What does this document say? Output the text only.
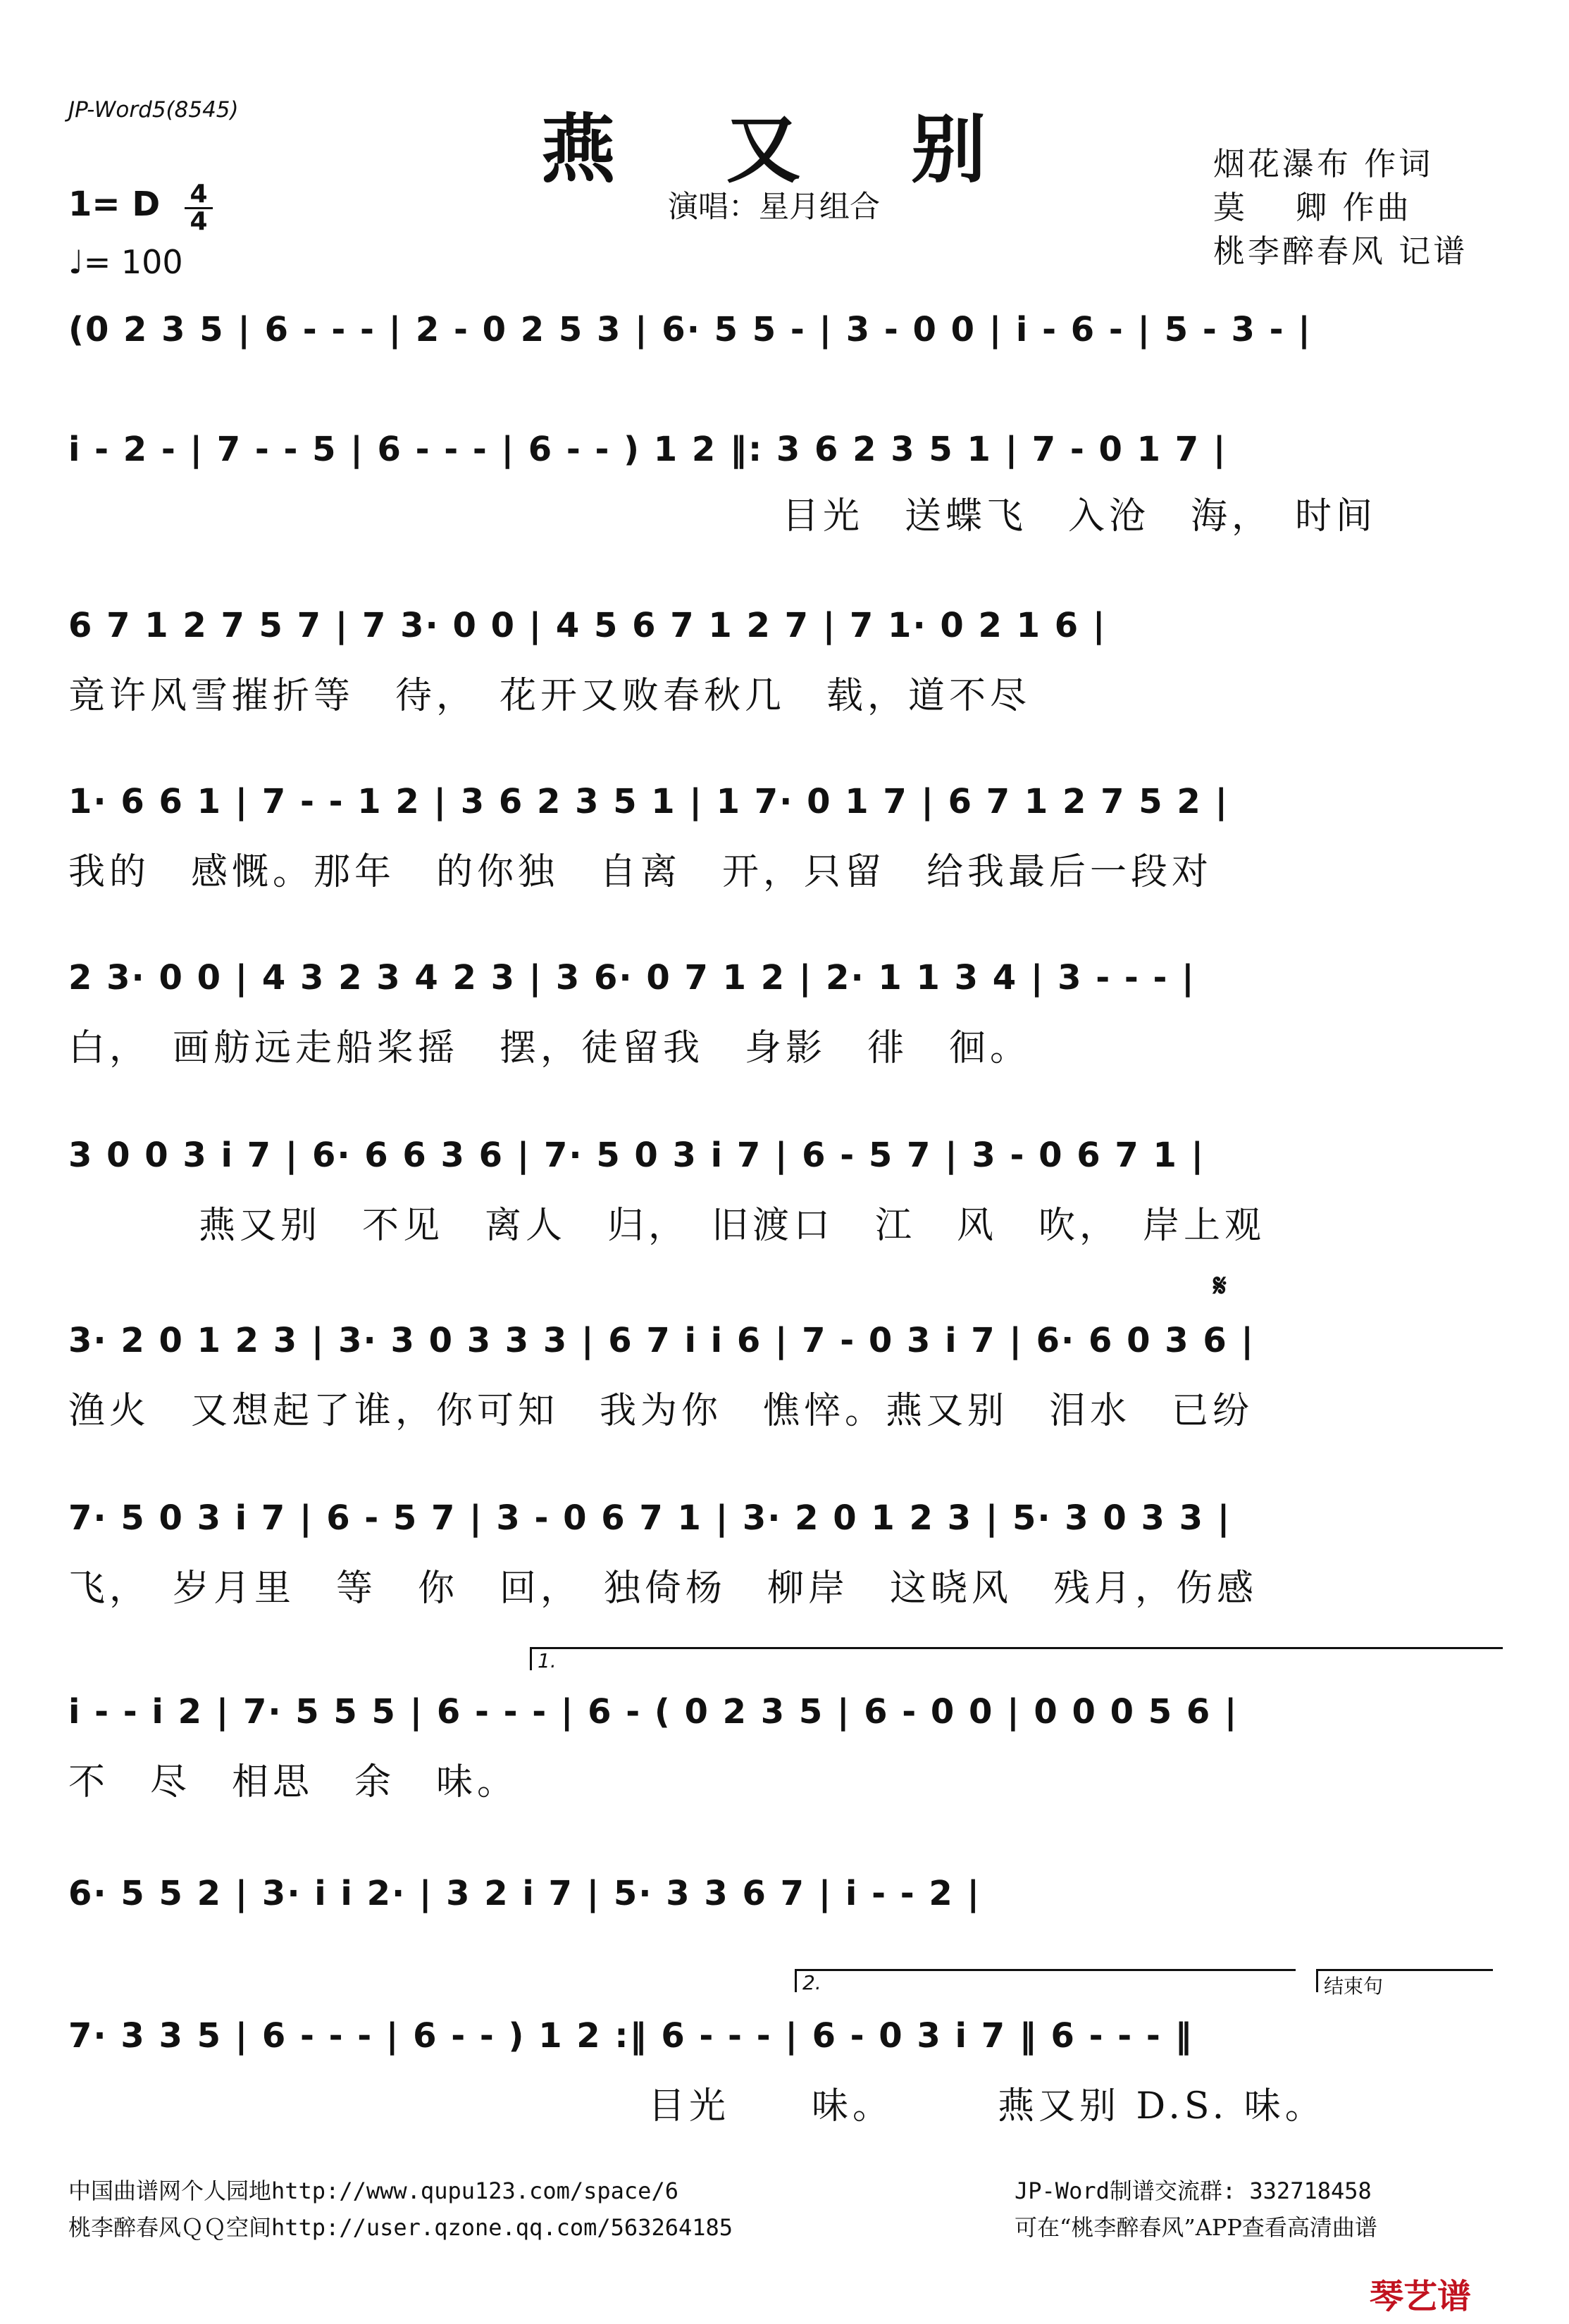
JP-Word5(8545)	燕 又 别
演唱：星月组合
1= D $\frac{4}{4}$
♩= 100
烟花瀑布 作词
莫　 卿 作曲
桃李醉春风 记谱
(0 2 3 5 | 6 - - - | 2 - 0 2 5 3 | 6· 5 5 - | 3 - 0 0 | i - 6 - | 5 - 3 - |
i - 2 - | 7 - - 5 | 6 - - - | 6 - - ) 1 2 ‖: 3 6 2 3 5 1 | 7 - 0 1 7 |
目光　送蝶飞　入沧　海，　时间
6 7 1 2 7 5 7 | 7 3· 0 0 | 4 5 6 7 1 2 7 | 7 1· 0 2 1 6 |
竟许风雪摧折等　待，　花开又败春秋几　载，道不尽
1· 6 6 1 | 7 - - 1 2 | 3 6 2 3 5 1 | 1 7· 0 1 7 | 6 7 1 2 7 5 2 |
我的　感慨。那年　的你独　自离　开，只留　给我最后一段对
2 3· 0 0 | 4 3 2 3 4 2 3 | 3 6· 0 7 1 2 | 2· 1 1 3 4 | 3 - - - |
白，　画舫远走船桨摇　摆，徒留我　身影　徘　徊。
3 0 0 3 i 7 | 6· 6 6 3 6 | 7· 5 0 3 i 7 | 6 - 5 7 | 3 - 0 6 7 1 |
燕又别　不见　离人　归，　旧渡口　江　风　吹，　岸上观
𝄋
3· 2 0 1 2 3 | 3· 3 0 3 3 3 | 6 7 i i 6 | 7 - 0 3 i 7 | 6· 6 0 3 6 |
渔火　又想起了谁，你可知　我为你　憔悴。燕又别　泪水　已纷
7· 5 0 3 i 7 | 6 - 5 7 | 3 - 0 6 7 1 | 3· 2 0 1 2 3 | 5· 3 0 3 3 |
飞，　岁月里　等　你　回，　独倚杨　柳岸　这晓风　残月，伤感
1.
i - - i 2 | 7· 5 5 5 | 6 - - - | 6 - ( 0 2 3 5 | 6 - 0 0 | 0 0 0 5 6 |
不　尽　相思　余　味。
6· 5 5 2 | 3· i i 2· | 3 2 i 7 | 5· 3 3 6 7 | i - - 2 |
2.	结束句
7· 3 3 5 | 6 - - - | 6 - - ) 1 2 :‖ 6 - - - | 6 - 0 3 i 7 ‖ 6 - - - ‖
目光　　味。　　　燕又别 D.S. 味。
中国曲谱网个人园地http://www.qupu123.com/space/6
桃李醉春风ＱＱ空间http://user.qzone.qq.com/563264185
JP-Word制谱交流群: 332718458
可在“桃李醉春风”APP查看高清曲谱
琴艺谱
